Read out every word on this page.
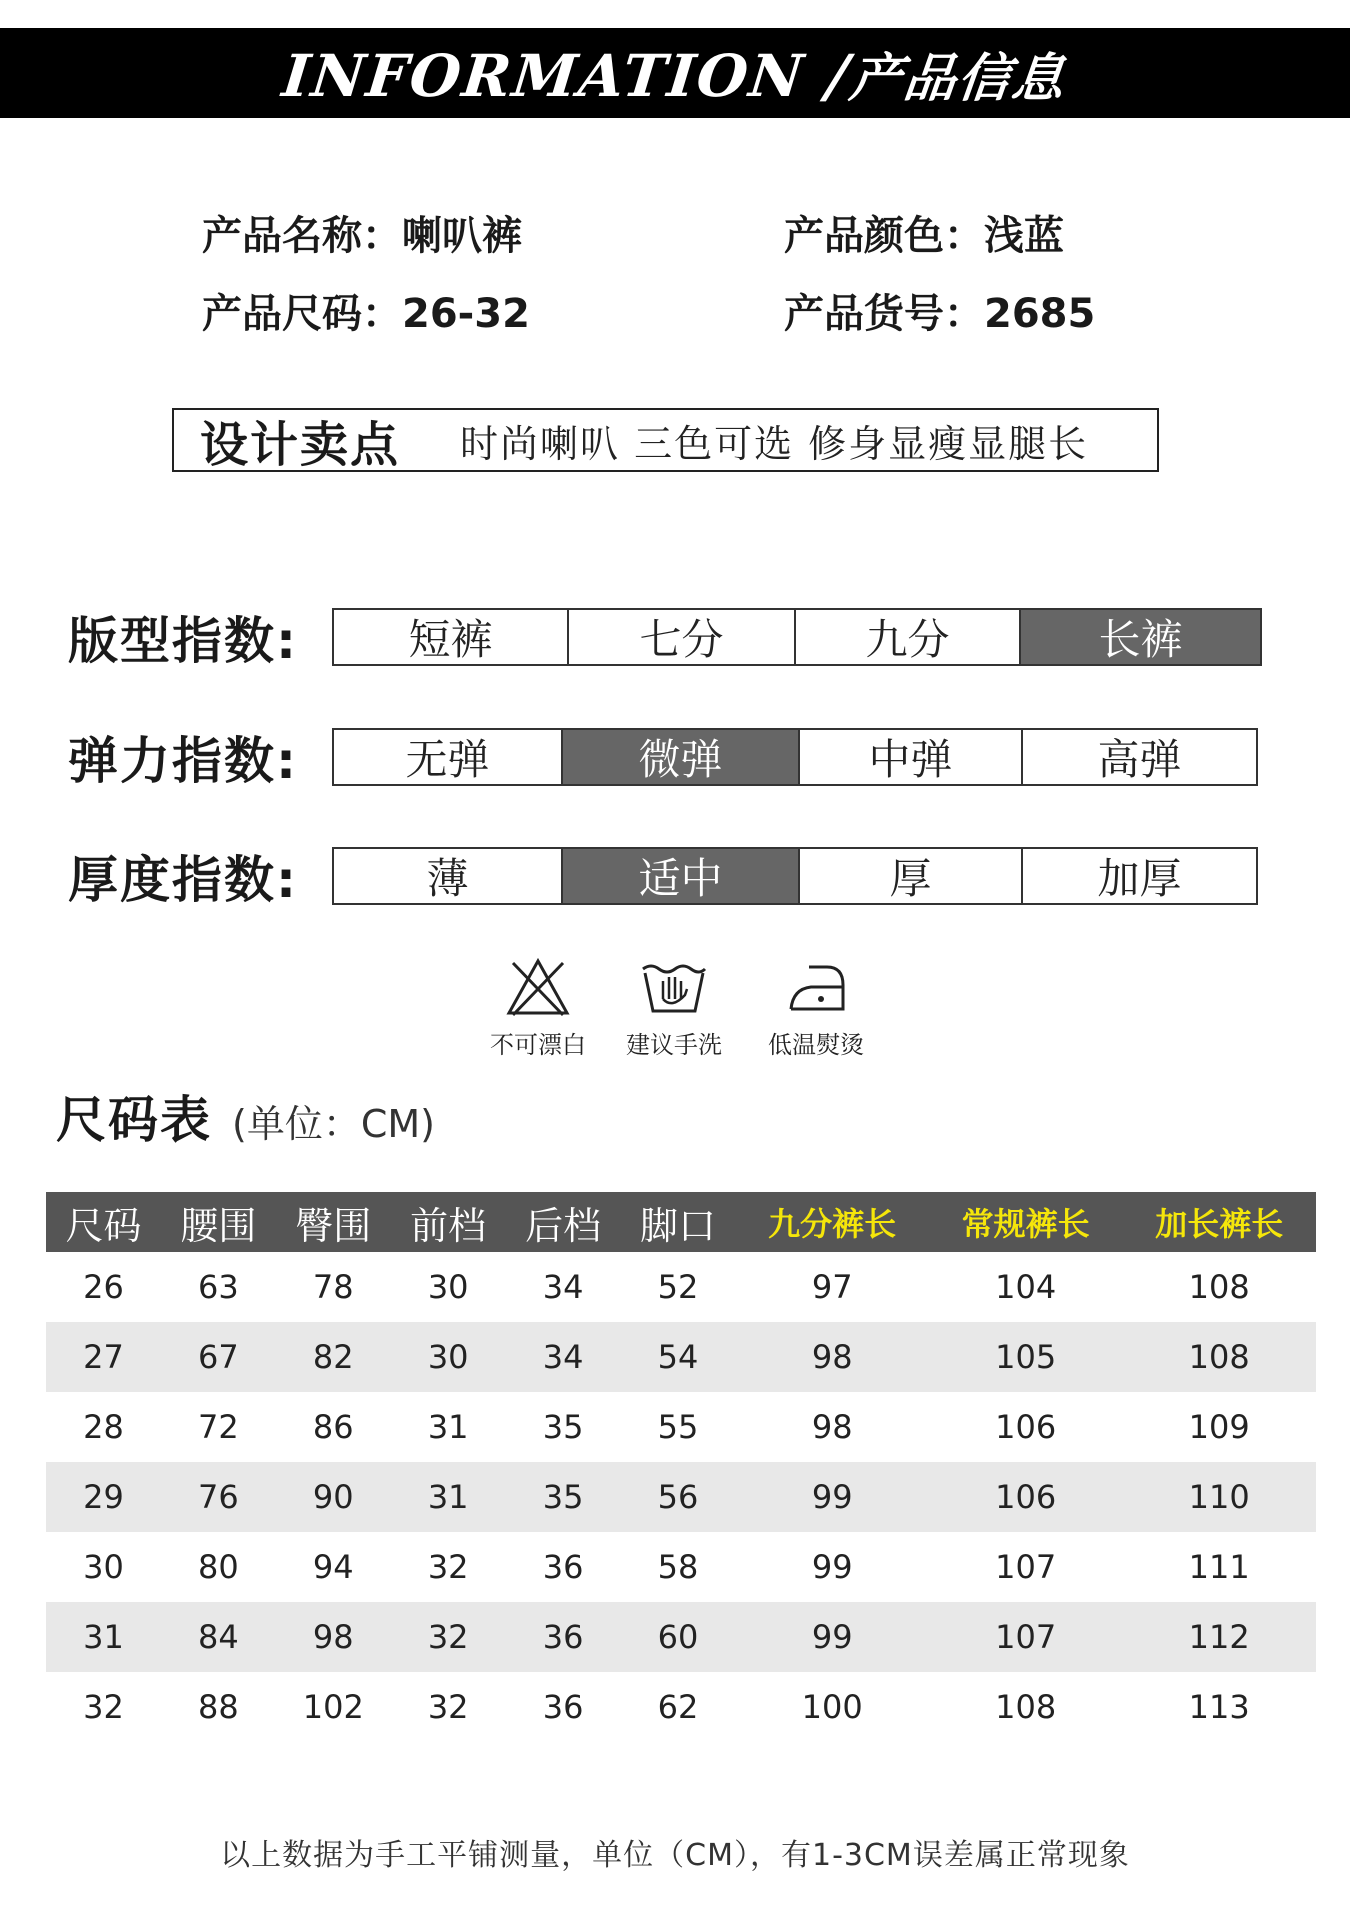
INFORMATION /产品信息
产品名称：喇叭裤	产品颜色：浅蓝
产品尺码：26-32	产品货号：2685
设计卖点 时尚喇叭 三色可选 修身显瘦显腿长
版型指数:	短裤	七分	九分	长裤
弹力指数:	无弹	微弹	中弹	高弹
厚度指数:	薄	适中	厚	加厚
不可漂白 建议手洗 低温熨烫
尺码表 (单位：CM)
尺码	腰围	臀围	前档	后档	脚口	九分裤长	常规裤长	加长裤长
26	63	78	30	34	52	97	104	108
27	67	82	30	34	54	98	105	108
28	72	86	31	35	55	98	106	109
29	76	90	31	35	56	99	106	110
30	80	94	32	36	58	99	107	111
31	84	98	32	36	60	99	107	112
32	88	102	32	36	62	100	108	113
以上数据为手工平铺测量，单位（CM），有1-3CM误差属正常现象
